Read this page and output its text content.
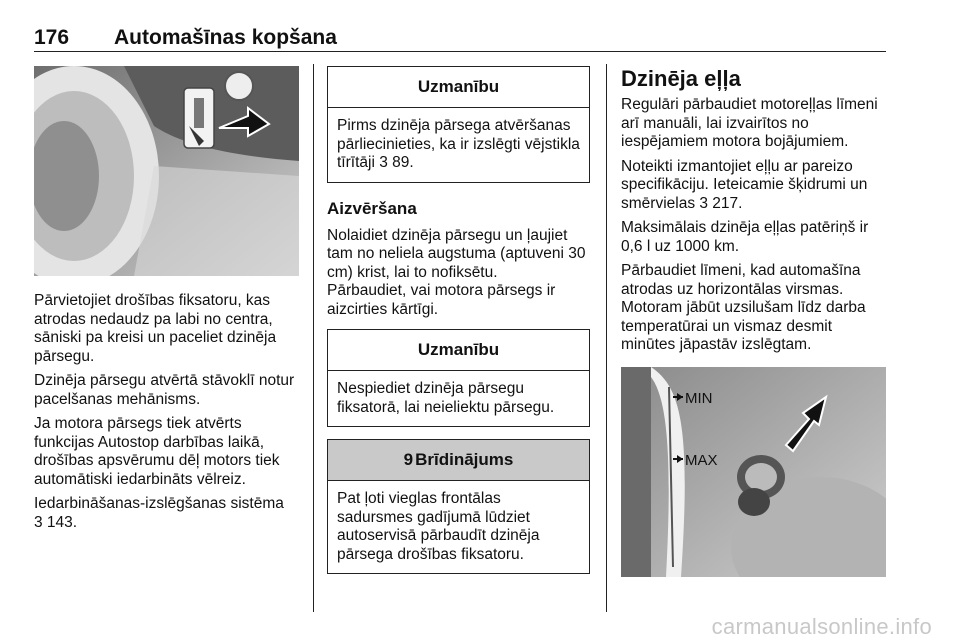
176 Automašīnas kopšana

Pārvietojiet drošības fiksatoru, kas atrodas nedaudz pa labi no centra, sāniski pa kreisi un paceliet dzinēja pārsegu.

Dzinēja pārsegu atvērtā stāvoklī notur pacelšanas mehānisms.

Ja motora pārsegs tiek atvērts funkcijas Autostop darbības laikā, drošības apsvērumu dēļ motors tiek automātiski iedarbināts vēlreiz.

Iedarbināšanas-izslēgšanas sistēma

3 143.

Uzmanību
Pirms dzinēja pārsega atvēršanas pārliecinieties, ka ir izslēgti vējstikla tīrītāji 3 89.
Aizvēršana

Nolaidiet dzinēja pārsegu un ļaujiet tam no neliela augstuma (aptuveni 30 cm) krist, lai to nofiksētu.

Pārbaudiet, vai motora pārsegs ir aizcirties kārtīgi.

Uzmanību
Nespiediet dzinēja pārsegu fiksatorā, lai neieliektu pārsegu.
9 Brīdinājums
Pat ļoti vieglas frontālas sadursmes gadījumā lūdziet autoservisā pārbaudīt dzinēja pārsega drošības fiksatoru.
Dzinēja eļļa

Regulāri pārbaudiet motoreļļas līmeni arī manuāli, lai izvairītos no iespējamiem motora bojājumiem.

Noteikti izmantojiet eļļu ar pareizo specifikāciju. Ieteicamie šķidrumi un smērvielas 3 217.

Maksimālais dzinēja eļļas patēriņš ir 0,6 l uz 1000 km.

Pārbaudiet līmeni, kad automašīna atrodas uz horizontālas virsmas. Motoram jābūt uzsilušam līdz darba temperatūrai un vismaz desmit minūtes jāpastāv izslēgtam.

MIN
MAX
carmanualsonline.info
